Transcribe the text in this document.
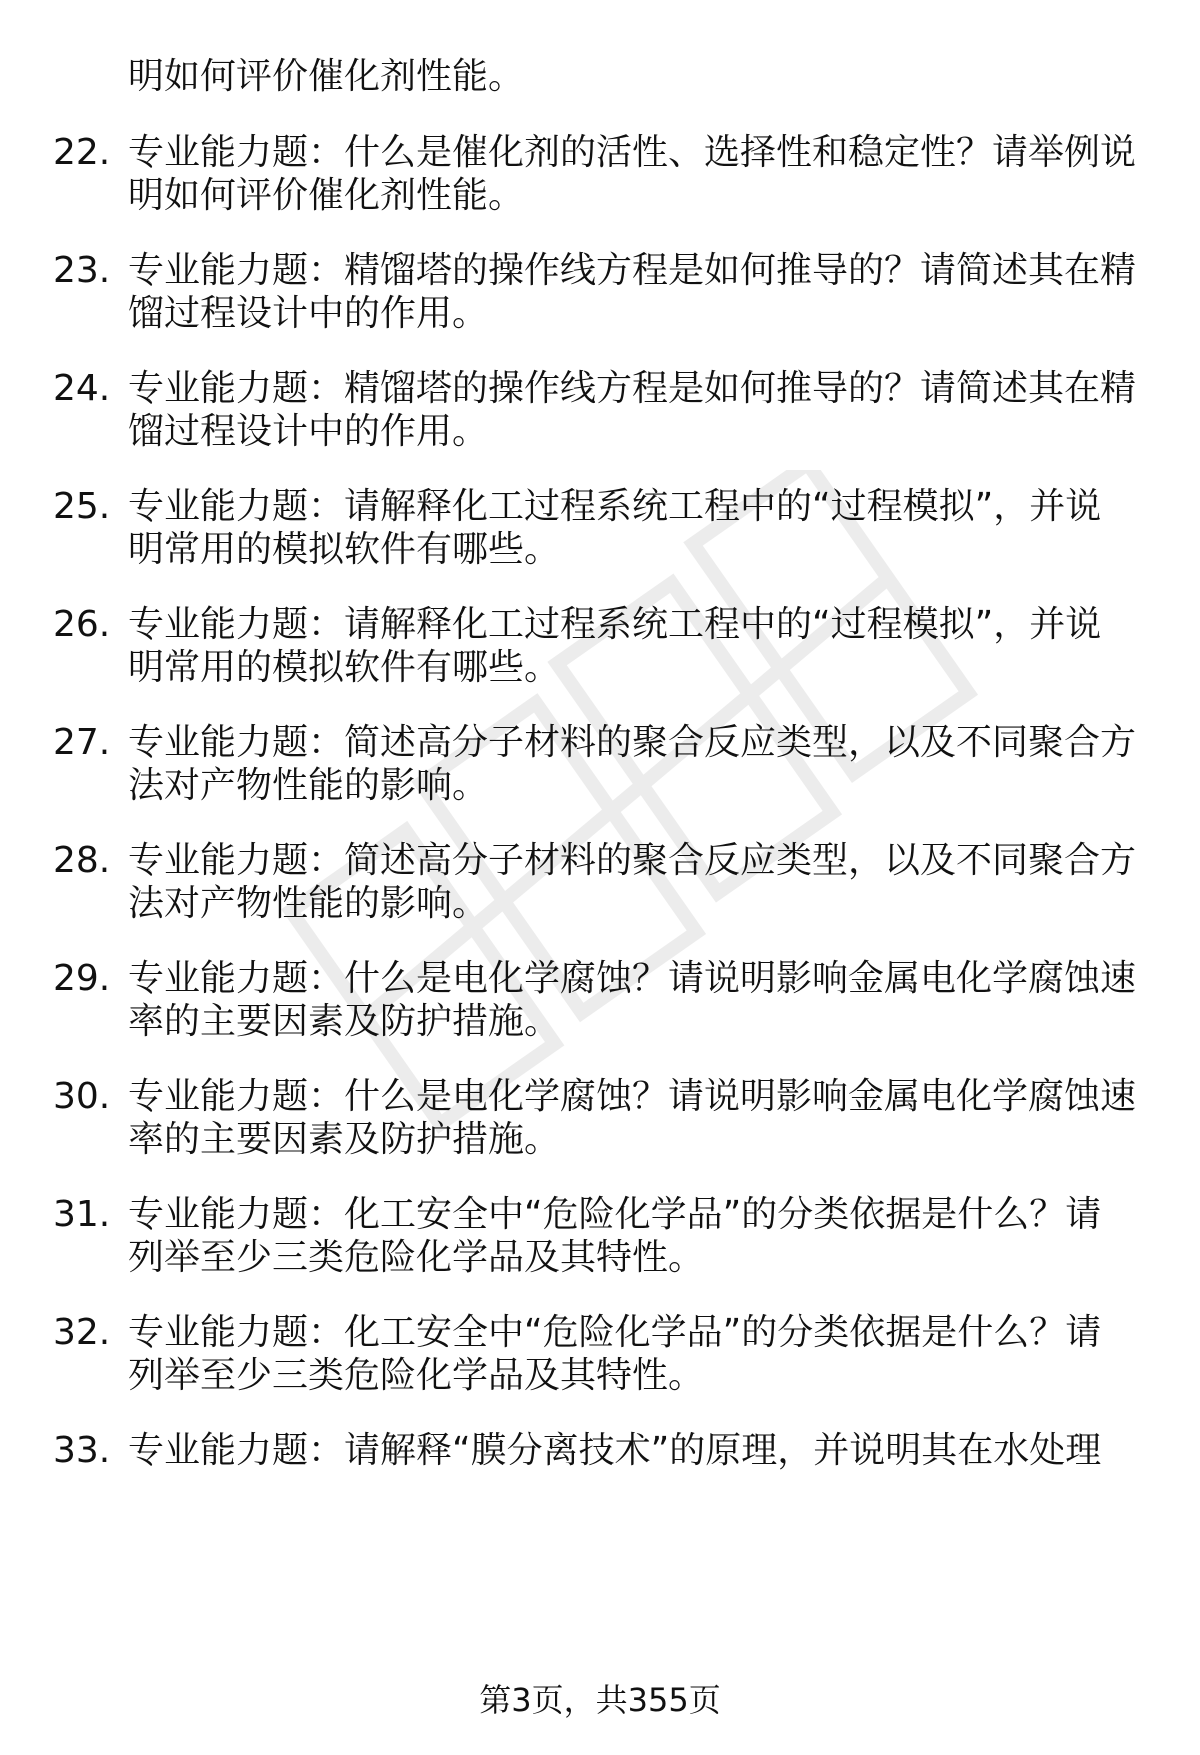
明如何评价催化剂性能。
22. 专业能力题：什么是催化剂的活性、选择性和稳定性？请举例说
明如何评价催化剂性能。
23. 专业能力题：精馏塔的操作线方程是如何推导的？请简述其在精
馏过程设计中的作用。
24. 专业能力题：精馏塔的操作线方程是如何推导的？请简述其在精
馏过程设计中的作用。
25. 专业能力题：请解释化工过程系统工程中的“过程模拟”，并说
明常用的模拟软件有哪些。
26. 专业能力题：请解释化工过程系统工程中的“过程模拟”，并说
明常用的模拟软件有哪些。
27. 专业能力题：简述高分子材料的聚合反应类型，以及不同聚合方
法对产物性能的影响。
28. 专业能力题：简述高分子材料的聚合反应类型，以及不同聚合方
法对产物性能的影响。
29. 专业能力题：什么是电化学腐蚀？请说明影响金属电化学腐蚀速
率的主要因素及防护措施。
30. 专业能力题：什么是电化学腐蚀？请说明影响金属电化学腐蚀速
率的主要因素及防护措施。
31. 专业能力题：化工安全中“危险化学品”的分类依据是什么？请
列举至少三类危险化学品及其特性。
32. 专业能力题：化工安全中“危险化学品”的分类依据是什么？请
列举至少三类危险化学品及其特性。
33. 专业能力题：请解释“膜分离技术”的原理，并说明其在水处理
第3页，共355页
